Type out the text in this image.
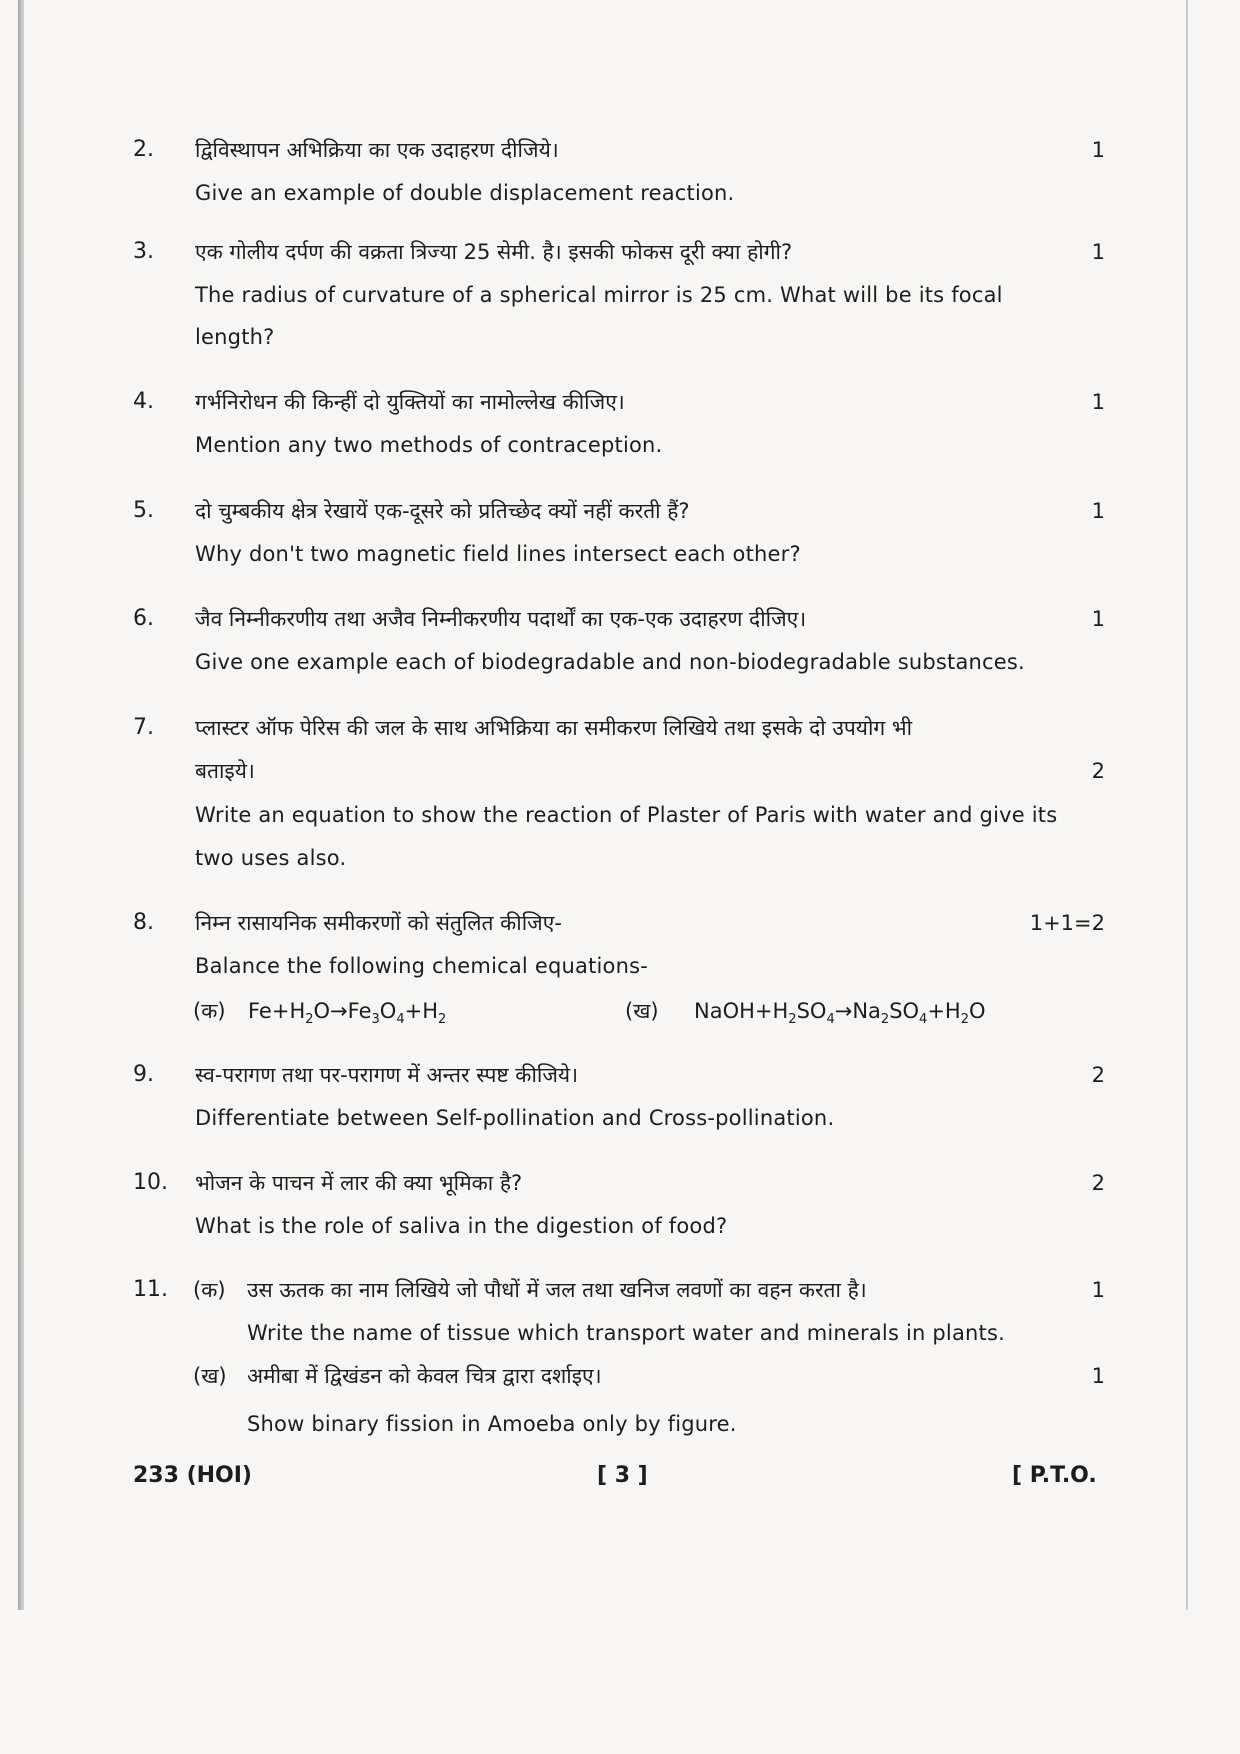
2. द्विविस्थापन अभिक्रिया का एक उदाहरण दीजिये।	1
Give an example of double displacement reaction.
3. एक गोलीय दर्पण की वक्रता त्रिज्या 25 सेमी. है। इसकी फोकस दूरी क्या होगी?	1
The radius of curvature of a spherical mirror is 25 cm. What will be its focal
length?
4. गर्भनिरोधन की किन्हीं दो युक्तियों का नामोल्लेख कीजिए।	1
Mention any two methods of contraception.
5. दो चुम्बकीय क्षेत्र रेखायें एक-दूसरे को प्रतिच्छेद क्यों नहीं करती हैं?	1
Why don't two magnetic field lines intersect each other?
6. जैव निम्नीकरणीय तथा अजैव निम्नीकरणीय पदार्थों का एक-एक उदाहरण दीजिए।	1
Give one example each of biodegradable and non-biodegradable substances.
7. प्लास्टर ऑफ पेरिस की जल के साथ अभिक्रिया का समीकरण लिखिये तथा इसके दो उपयोग भी
बताइये।	2
Write an equation to show the reaction of Plaster of Paris with water and give its
two uses also.
8. निम्न रासायनिक समीकरणों को संतुलित कीजिए-	1+1=2
Balance the following chemical equations-
(क) $Fe+H_2O\to Fe_3O_4+H_2$	(ख) $NaOH+H_2SO_4\to Na_2SO_4+H_2O$
9. स्व-परागण तथा पर-परागण में अन्तर स्पष्ट कीजिये।	2
Differentiate between Self-pollination and Cross-pollination.
10. भोजन के पाचन में लार की क्या भूमिका है?	2
What is the role of saliva in the digestion of food?
11. (क) उस ऊतक का नाम लिखिये जो पौधों में जल तथा खनिज लवणों का वहन करता है।	1
Write the name of tissue which transport water and minerals in plants.
(ख) अमीबा में द्विखंडन को केवल चित्र द्वारा दर्शाइए।	1
Show binary fission in Amoeba only by figure.
233 (HOI)	[ 3 ]	[ P.T.O.
